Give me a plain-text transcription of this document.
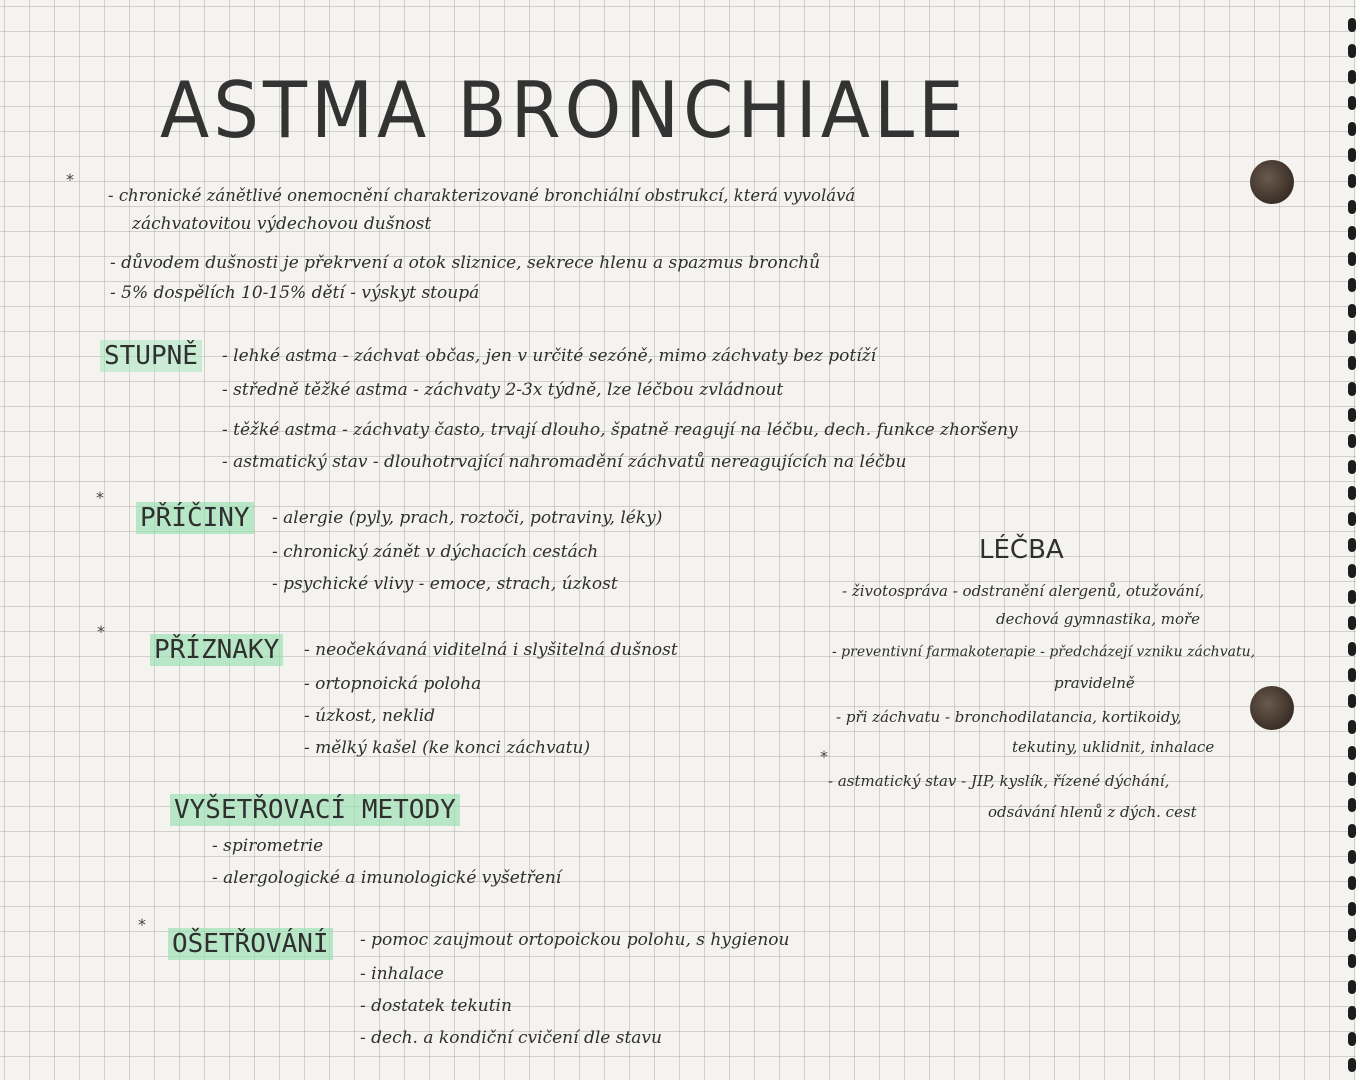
ASTMA BRONCHIALE
*
*
*
*
*
- chronické zánětlivé onemocnění charakterizované bronchiální obstrukcí, která vyvolává
záchvatovitou výdechovou dušnost
- důvodem dušnosti je překrvení a otok sliznice, sekrece hlenu a spazmus bronchů
- 5% dospělích 10-15% dětí - výskyt stoupá
STUPNĚ - lehké astma - záchvat občas, jen v určité sezóně, mimo záchvaty bez potíží
- středně těžké astma - záchvaty 2-3x týdně, lze léčbou zvládnout
- těžké astma - záchvaty často, trvají dlouho, špatně reagují na léčbu, dech. funkce zhoršeny
- astmatický stav - dlouhotrvající nahromadění záchvatů nereagujících na léčbu
PŘÍČINY - alergie (pyly, prach, roztoči, potraviny, léky)
- chronický zánět v dýchacích cestách
- psychické vlivy - emoce, strach, úzkost
PŘÍZNAKY - neočekávaná viditelná i slyšitelná dušnost
- ortopnoická poloha
- úzkost, neklid
- mělký kašel (ke konci záchvatu)
VYŠETŘOVACÍ METODY
- spirometrie
- alergologické a imunologické vyšetření
OŠETŘOVÁNÍ - pomoc zaujmout ortopoickou polohu, s hygienou
- inhalace
- dostatek tekutin
- dech. a kondiční cvičení dle stavu
LÉČBA
- životospráva - odstranění alergenů, otužování,
dechová gymnastika, moře
- preventivní farmakoterapie - předcházejí vzniku záchvatu,
pravidelně
- při záchvatu - bronchodilatancia, kortikoidy,
tekutiny, uklidnit, inhalace
- astmatický stav - JIP, kyslík, řízené dýchání,
odsávání hlenů z dých. cest
